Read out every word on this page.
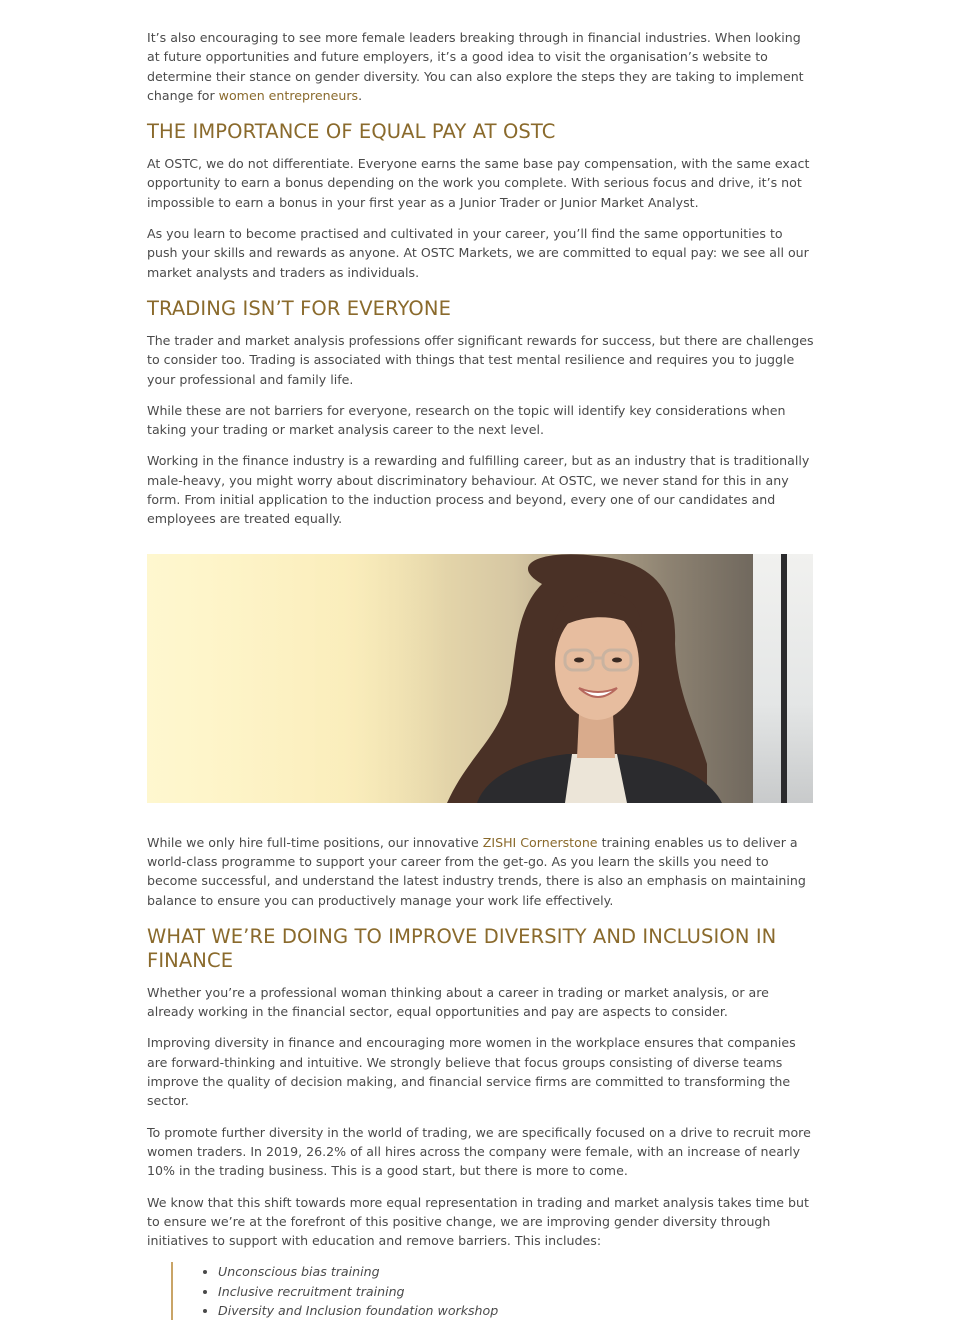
It’s also encouraging to see more female leaders breaking through in financial industries. When looking at future opportunities and future employers, it’s a good idea to visit the organisation’s website to determine their stance on gender diversity. You can also explore the steps they are taking to implement change for women entrepreneurs.

THE IMPORTANCE OF EQUAL PAY AT OSTC

At OSTC, we do not differentiate. Everyone earns the same base pay compensation, with the same exact opportunity to earn a bonus depending on the work you complete. With serious focus and drive, it’s not impossible to earn a bonus in your first year as a Junior Trader or Junior Market Analyst.

As you learn to become practised and cultivated in your career, you’ll find the same opportunities to push your skills and rewards as anyone. At OSTC Markets, we are committed to equal pay: we see all our market analysts and traders as individuals.

TRADING ISN’T FOR EVERYONE

The trader and market analysis professions offer significant rewards for success, but there are challenges to consider too. Trading is associated with things that test mental resilience and requires you to juggle your professional and family life.

While these are not barriers for everyone, research on the topic will identify key considerations when taking your trading or market analysis career to the next level.

Working in the finance industry is a rewarding and fulfilling career, but as an industry that is traditionally male-heavy, you might worry about discriminatory behaviour. At OSTC, we never stand for this in any form. From initial application to the induction process and beyond, every one of our candidates and employees are treated equally.

While we only hire full-time positions, our innovative ZISHI Cornerstone training enables us to deliver a world-class programme to support your career from the get-go. As you learn the skills you need to become successful, and understand the latest industry trends, there is also an emphasis on maintaining balance to ensure you can productively manage your work life effectively.

WHAT WE’RE DOING TO IMPROVE DIVERSITY AND INCLUSION IN FINANCE

Whether you’re a professional woman thinking about a career in trading or market analysis, or are already working in the financial sector, equal opportunities and pay are aspects to consider.

Improving diversity in finance and encouraging more women in the workplace ensures that companies are forward-thinking and intuitive. We strongly believe that focus groups consisting of diverse teams improve the quality of decision making, and financial service firms are committed to transforming the sector.

To promote further diversity in the world of trading, we are specifically focused on a drive to recruit more women traders. In 2019, 26.2% of all hires across the company were female, with an increase of nearly 10% in the trading business. This is a good start, but there is more to come.

We know that this shift towards more equal representation in trading and market analysis takes time but to ensure we’re at the forefront of this positive change, we are improving gender diversity through initiatives to support with education and remove barriers. This includes:

• Unconscious bias training
• Inclusive recruitment training
• Diversity and Inclusion foundation workshop
